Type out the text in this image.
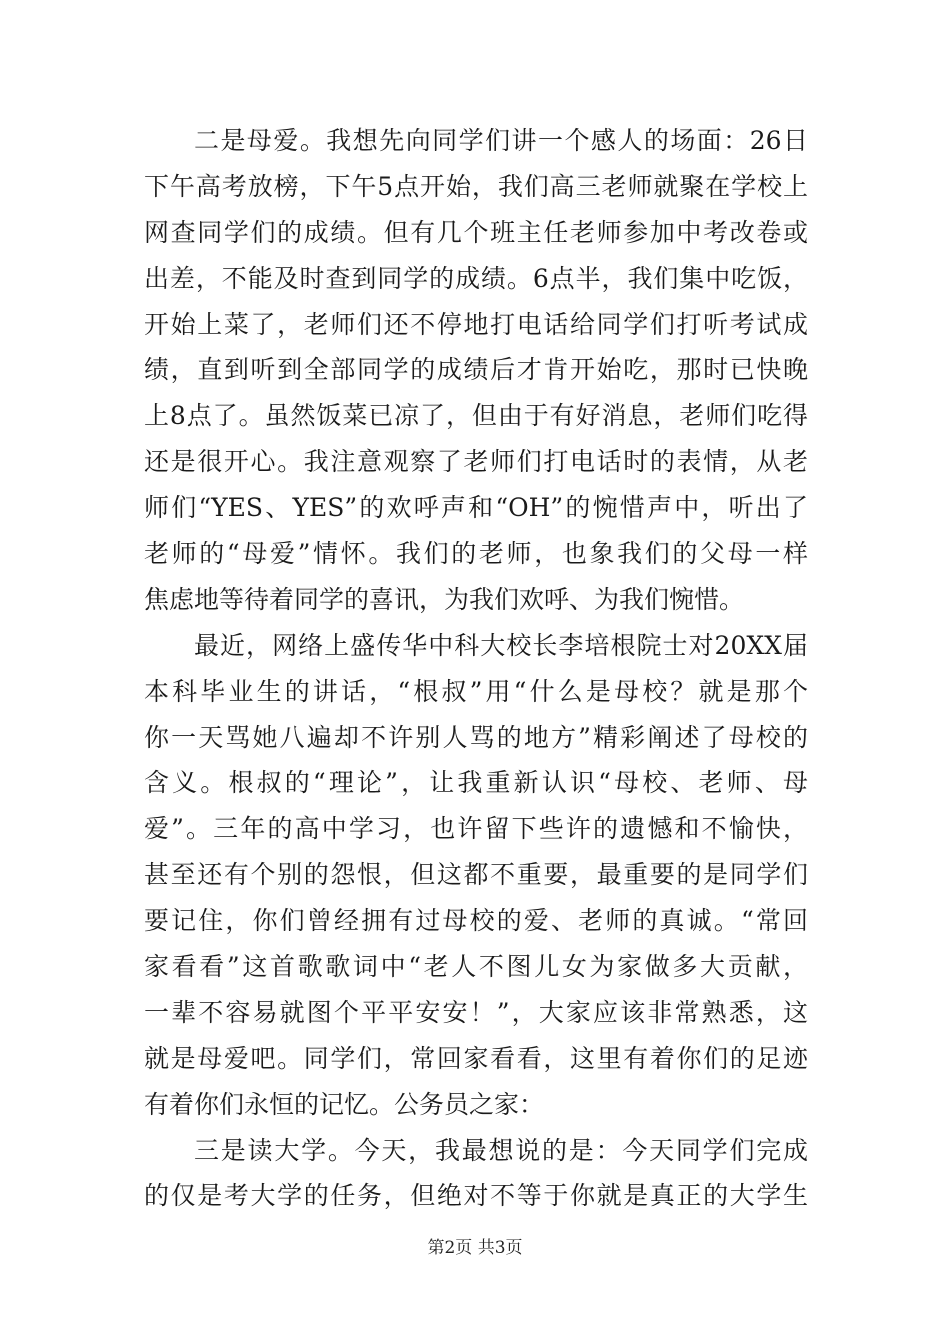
二是母爱。我想先向同学们讲一个感人的场面：26日
下午高考放榜，下午5点开始，我们高三老师就聚在学校上
网查同学们的成绩。但有几个班主任老师参加中考改卷或
出差，不能及时查到同学的成绩。6点半，我们集中吃饭，
开始上菜了，老师们还不停地打电话给同学们打听考试成
绩，直到听到全部同学的成绩后才肯开始吃，那时已快晚
上8点了。虽然饭菜已凉了，但由于有好消息，老师们吃得
还是很开心。我注意观察了老师们打电话时的表情，从老
师们“YES、YES”的欢呼声和“OH”的惋惜声中，听出了
老师的“母爱”情怀。我们的老师，也象我们的父母一样
焦虑地等待着同学的喜讯，为我们欢呼、为我们惋惜。
最近，网络上盛传华中科大校长李培根院士对20XX届
本科毕业生的讲话，“根叔”用“什么是母校？就是那个
你一天骂她八遍却不许别人骂的地方”精彩阐述了母校的
含义。根叔的“理论”，让我重新认识“母校、老师、母
爱”。三年的高中学习，也许留下些许的遗憾和不愉快，
甚至还有个别的怨恨，但这都不重要，最重要的是同学们
要记住，你们曾经拥有过母校的爱、老师的真诚。“常回
家看看”这首歌歌词中“老人不图儿女为家做多大贡献，
一辈不容易就图个平平安安！”，大家应该非常熟悉，这
就是母爱吧。同学们，常回家看看，这里有着你们的足迹
有着你们永恒的记忆。公务员之家：
三是读大学。今天，我最想说的是：今天同学们完成
的仅是考大学的任务，但绝对不等于你就是真正的大学生
第2页 共3页
